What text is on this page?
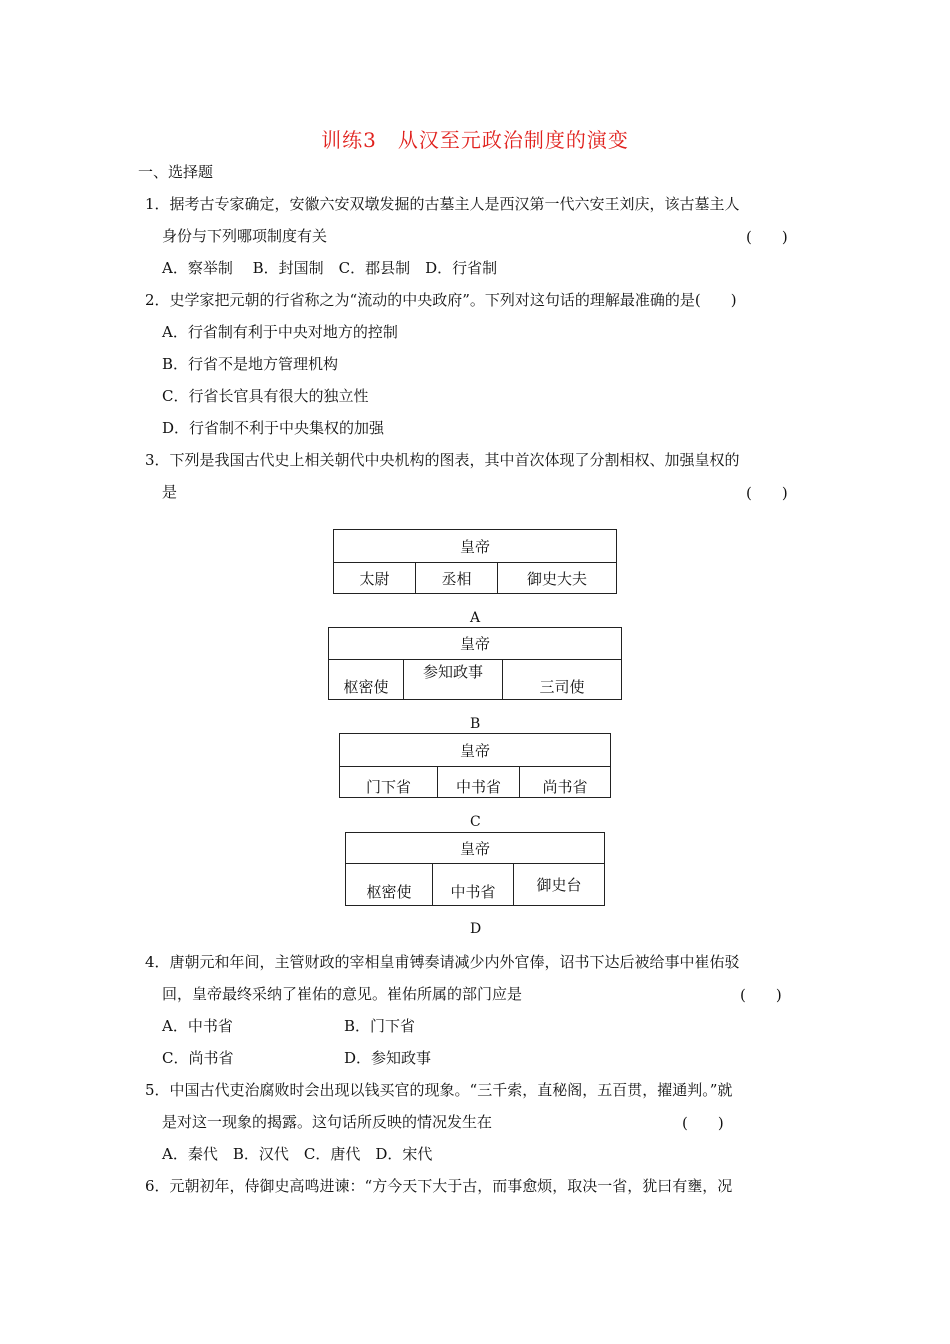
训练3　从汉至元政治制度的演变
一、选择题
1．据考古专家确定，安徽六安双墩发掘的古墓主人是西汉第一代六安王刘庆，该古墓主人
身份与下列哪项制度有关	(　　)
A．察举制　 B．封国制　C．郡县制　D．行省制
2．史学家把元朝的行省称之为“流动的中央政府”。下列对这句话的理解最准确的是(　　)
A．行省制有利于中央对地方的控制
B．行省不是地方管理机构
C．行省长官具有很大的独立性
D．行省制不利于中央集权的加强
3．下列是我国古代史上相关朝代中央机构的图表，其中首次体现了分割相权、加强皇权的
是	(　　)
皇帝
太尉	丞相	御史大夫
A
皇帝
枢密使	参知政事	三司使
B
皇帝
门下省	中书省	尚书省
C
皇帝
枢密使	中书省	御史台
D
4．唐朝元和年间，主管财政的宰相皇甫镈奏请减少内外官俸，诏书下达后被给事中崔佑驳
回，皇帝最终采纳了崔佑的意见。崔佑所属的部门应是	(　　)
A．中书省	B．门下省
C．尚书省	D．参知政事
5．中国古代吏治腐败时会出现以钱买官的现象。“三千索，直秘阁，五百贯，擢通判。”就
是对这一现象的揭露。这句话所反映的情况发生在	(　　)
A．秦代　B．汉代　C．唐代　D．宋代
6．元朝初年，侍御史高鸣进谏：“方今天下大于古，而事愈烦，取决一省，犹曰有壅，况
